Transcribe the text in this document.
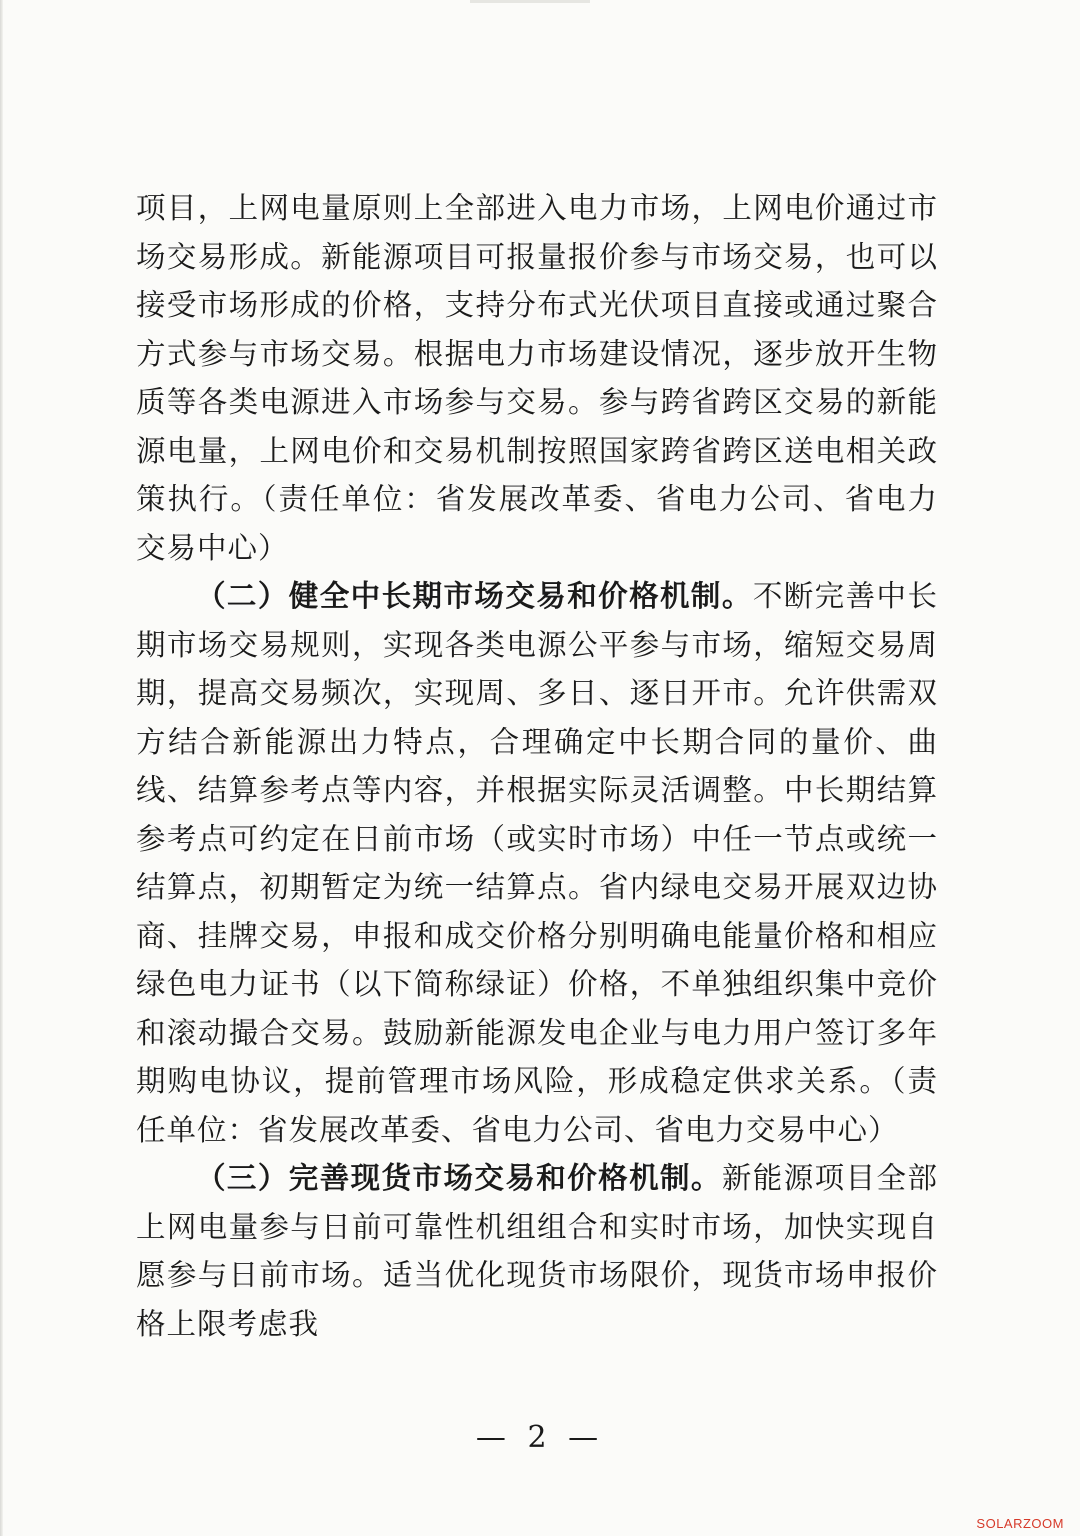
项目，上网电量原则上全部进入电力市场，上网电价通过市场交易形成。新能源项目可报量报价参与市场交易，也可以接受市场形成的价格，支持分布式光伏项目直接或通过聚合方式参与市场交易。根据电力市场建设情况，逐步放开生物质等各类电源进入市场参与交易。参与跨省跨区交易的新能源电量，上网电价和交易机制按照国家跨省跨区送电相关政策执行。（责任单位：省发展改革委、省电力公司、省电力交易中心）

（二）健全中长期市场交易和价格机制。不断完善中长期市场交易规则，实现各类电源公平参与市场，缩短交易周期，提高交易频次，实现周、多日、逐日开市。允许供需双方结合新能源出力特点，合理确定中长期合同的量价、曲线、结算参考点等内容，并根据实际灵活调整。中长期结算参考点可约定在日前市场（或实时市场）中任一节点或统一结算点，初期暂定为统一结算点。省内绿电交易开展双边协商、挂牌交易，申报和成交价格分别明确电能量价格和相应绿色电力证书（以下简称绿证）价格，不单独组织集中竞价和滚动撮合交易。鼓励新能源发电企业与电力用户签订多年期购电协议，提前管理市场风险，形成稳定供求关系。（责任单位：省发展改革委、省电力公司、省电力交易中心）

（三）完善现货市场交易和价格机制。新能源项目全部上网电量参与日前可靠性机组组合和实时市场，加快实现自愿参与日前市场。适当优化现货市场限价，现货市场申报价格上限考虑我

— 2 —
SOLARZOOM
